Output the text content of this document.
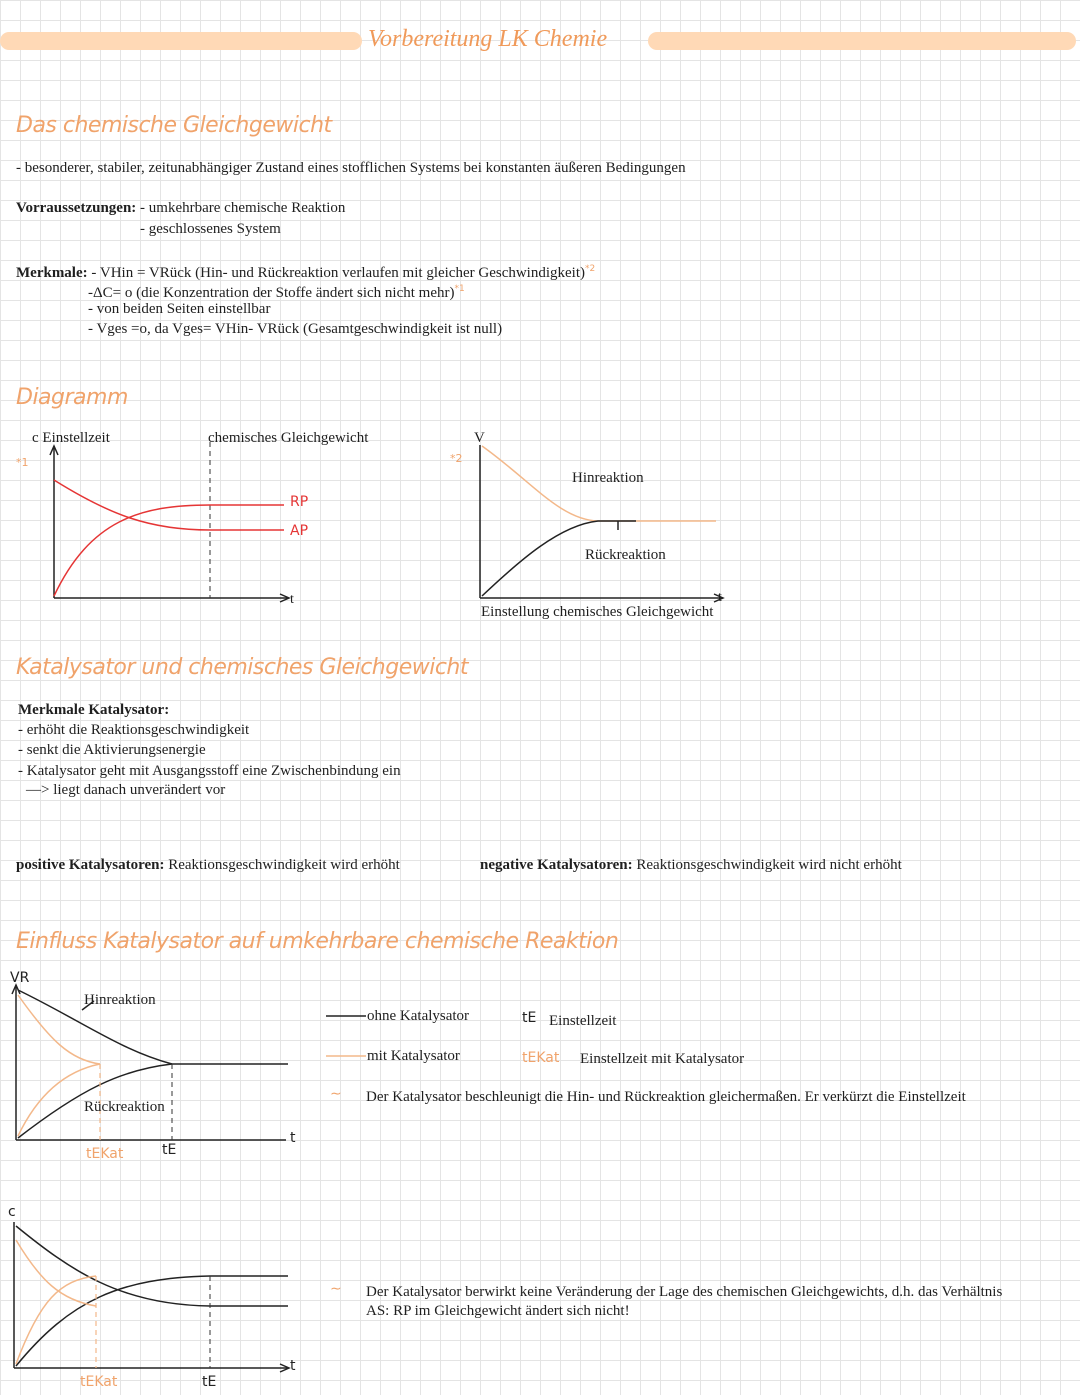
Vorbereitung LK Chemie
Das chemische Gleichgewicht
- besonderer, stabiler, zeitunabhängiger Zustand eines stofflichen Systems bei konstanten äußeren Bedingungen
Vorraussetzungen: - umkehrbare chemische Reaktion
- geschlossenes System
Merkmale: - VHin = VRück (Hin- und Rückreaktion verlaufen mit gleicher Geschwindigkeit)$^{*2}$
-ΔC= o (die Konzentration der Stoffe ändert sich nicht mehr)$^{*1}$
- von beiden Seiten einstellbar
- Vges =o, da Vges= VHin- VRück (Gesamtgeschwindigkeit ist null)
Diagramm
c Einstellzeit
*1
chemisches Gleichgewicht
RP
AP
t
V
*2
Hinreaktion
Rückreaktion
t
Einstellung chemisches Gleichgewicht
Katalysator und chemisches Gleichgewicht
Merkmale Katalysator:
- erhöht die Reaktionsgeschwindigkeit
- senkt die Aktivierungsenergie
- Katalysator geht mit Ausgangsstoff eine Zwischenbindung ein
—> liegt danach unverändert vor
positive Katalysatoren: Reaktionsgeschwindigkeit wird erhöht	negative Katalysatoren: Reaktionsgeschwindigkeit wird nicht erhöht
Einfluss Katalysator auf umkehrbare chemische Reaktion
VR
Hinreaktion
Rückreaktion
tEKat	tE
t
ohne Katalysator
mit Katalysator
tE Einstellzeit
tEKat Einstellzeit mit Katalysator
∼ Der Katalysator beschleunigt die Hin- und Rückreaktion gleichermaßen. Er verkürzt die Einstellzeit
c
tEKat	tE
t
∼ Der Katalysator berwirkt keine Veränderung der Lage des chemischen Gleichgewichts, d.h. das Verhältnis
AS: RP im Gleichgewicht ändert sich nicht!
